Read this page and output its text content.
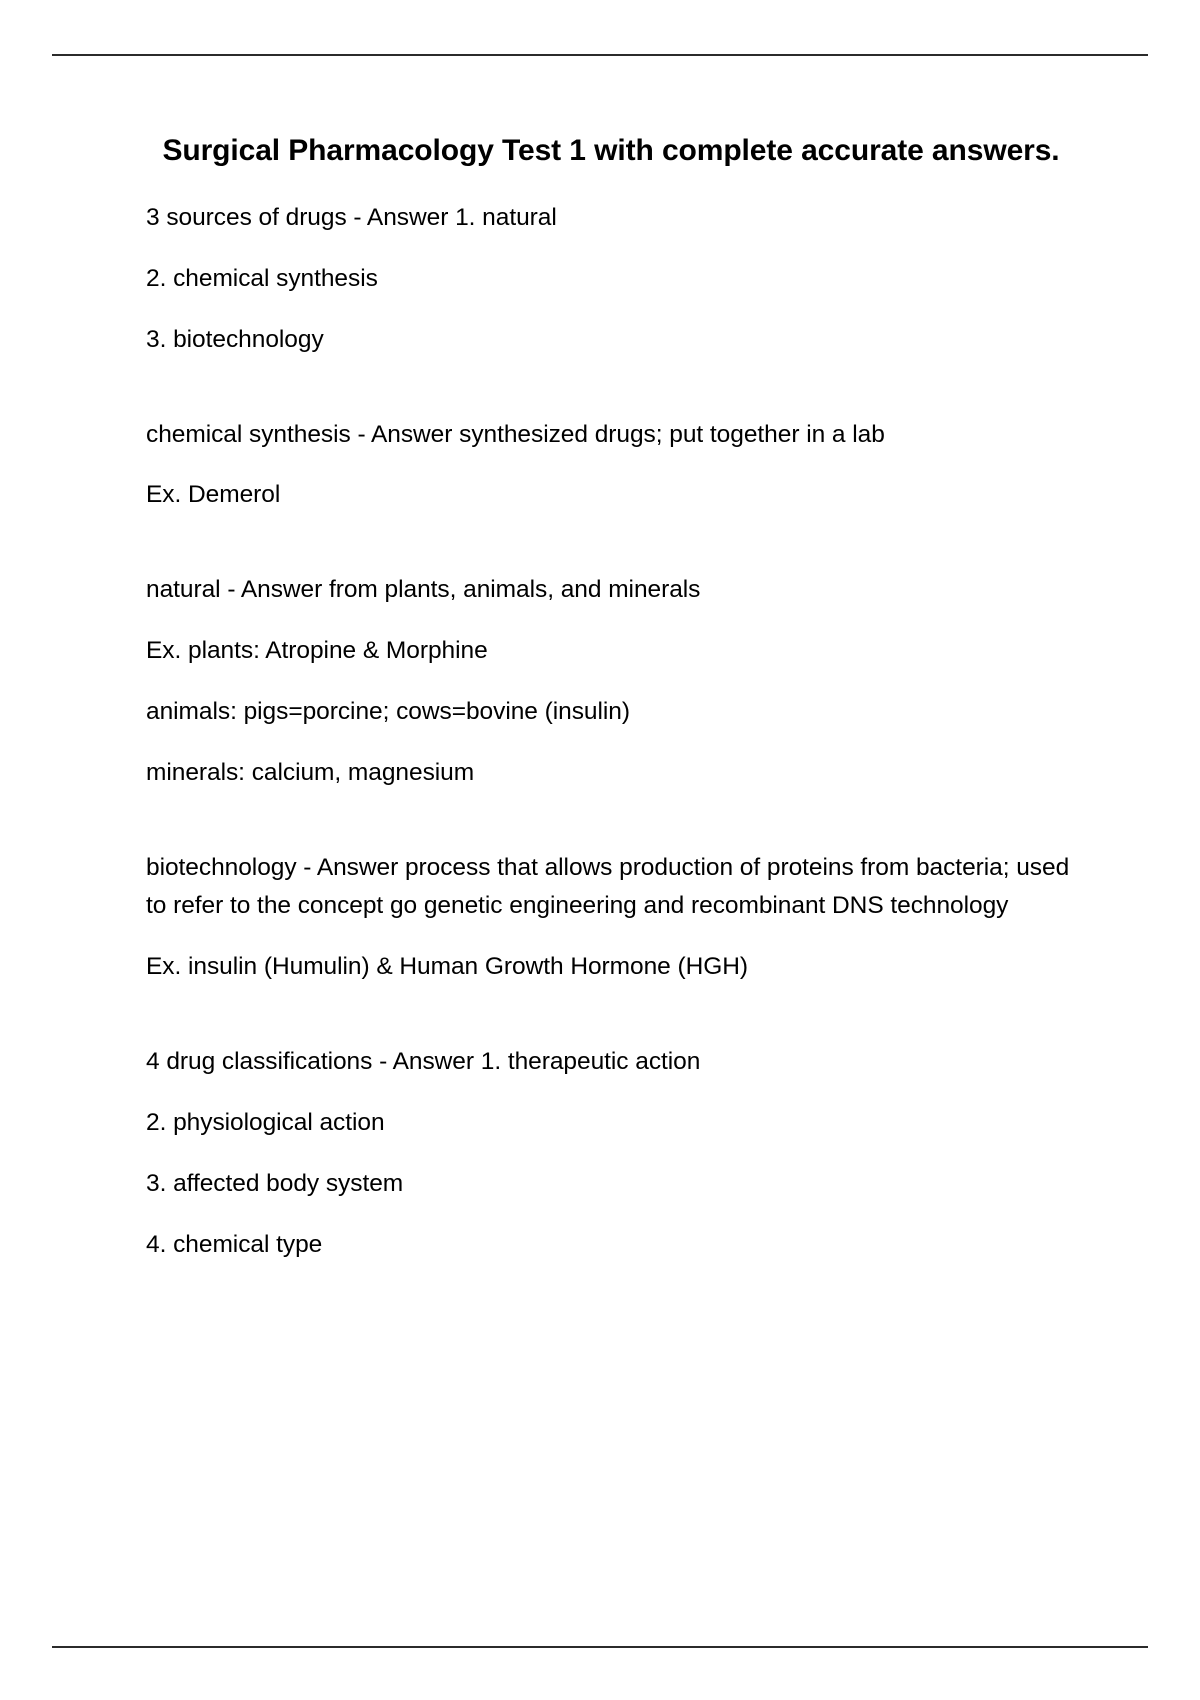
Surgical Pharmacology Test 1 with complete accurate answers.

3 sources of drugs - Answer 1. natural

2. chemical synthesis

3. biotechnology

chemical synthesis - Answer synthesized drugs; put together in a lab

Ex. Demerol

natural - Answer from plants, animals, and minerals

Ex. plants: Atropine & Morphine

animals: pigs=porcine; cows=bovine (insulin)

minerals: calcium, magnesium

biotechnology - Answer process that allows production of proteins from bacteria; used to refer to the concept go genetic engineering and recombinant DNS technology

Ex. insulin (Humulin) & Human Growth Hormone (HGH)

4 drug classifications - Answer 1. therapeutic action

2. physiological action

3. affected body system

4. chemical type
